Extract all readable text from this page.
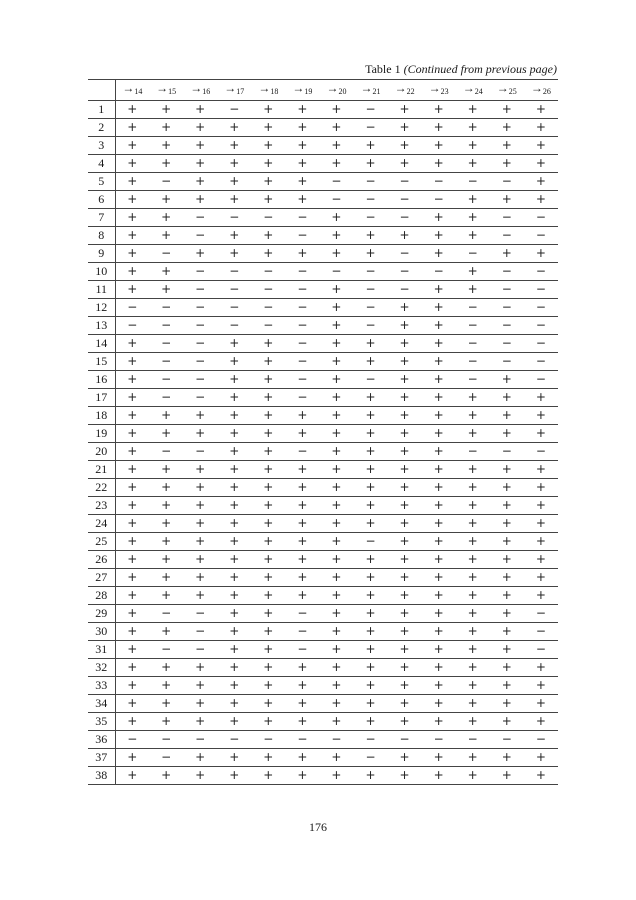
Table 1 (Continued from previous page)
	$\to_{14}$	$\to_{15}$	$\to_{16}$	$\to_{17}$	$\to_{18}$	$\to_{19}$	$\to_{20}$	$\to_{21}$	$\to_{22}$	$\to_{23}$	$\to_{24}$	$\to_{25}$	$\to_{26}$
1	+	+	+	−	+	+	+	−	+	+	+	+	+
2	+	+	+	+	+	+	+	−	+	+	+	+	+
3	+	+	+	+	+	+	+	+	+	+	+	+	+
4	+	+	+	+	+	+	+	+	+	+	+	+	+
5	+	−	+	+	+	+	−	−	−	−	−	−	+
6	+	+	+	+	+	+	−	−	−	−	+	+	+
7	+	+	−	−	−	−	+	−	−	+	+	−	−
8	+	+	−	+	+	−	+	+	+	+	+	−	−
9	+	−	+	+	+	+	+	+	−	+	−	+	+
10	+	+	−	−	−	−	−	−	−	−	+	−	−
11	+	+	−	−	−	−	+	−	−	+	+	−	−
12	−	−	−	−	−	−	+	−	+	+	−	−	−
13	−	−	−	−	−	−	+	−	+	+	−	−	−
14	+	−	−	+	+	−	+	+	+	+	−	−	−
15	+	−	−	+	+	−	+	+	+	+	−	−	−
16	+	−	−	+	+	−	+	−	+	+	−	+	−
17	+	−	−	+	+	−	+	+	+	+	+	+	+
18	+	+	+	+	+	+	+	+	+	+	+	+	+
19	+	+	+	+	+	+	+	+	+	+	+	+	+
20	+	−	−	+	+	−	+	+	+	+	−	−	−
21	+	+	+	+	+	+	+	+	+	+	+	+	+
22	+	+	+	+	+	+	+	+	+	+	+	+	+
23	+	+	+	+	+	+	+	+	+	+	+	+	+
24	+	+	+	+	+	+	+	+	+	+	+	+	+
25	+	+	+	+	+	+	+	−	+	+	+	+	+
26	+	+	+	+	+	+	+	+	+	+	+	+	+
27	+	+	+	+	+	+	+	+	+	+	+	+	+
28	+	+	+	+	+	+	+	+	+	+	+	+	+
29	+	−	−	+	+	−	+	+	+	+	+	+	−
30	+	+	−	+	+	−	+	+	+	+	+	+	−
31	+	−	−	+	+	−	+	+	+	+	+	+	−
32	+	+	+	+	+	+	+	+	+	+	+	+	+
33	+	+	+	+	+	+	+	+	+	+	+	+	+
34	+	+	+	+	+	+	+	+	+	+	+	+	+
35	+	+	+	+	+	+	+	+	+	+	+	+	+
36	−	−	−	−	−	−	−	−	−	−	−	−	−
37	+	−	+	+	+	+	+	−	+	+	+	+	+
38	+	+	+	+	+	+	+	+	+	+	+	+	+
176
